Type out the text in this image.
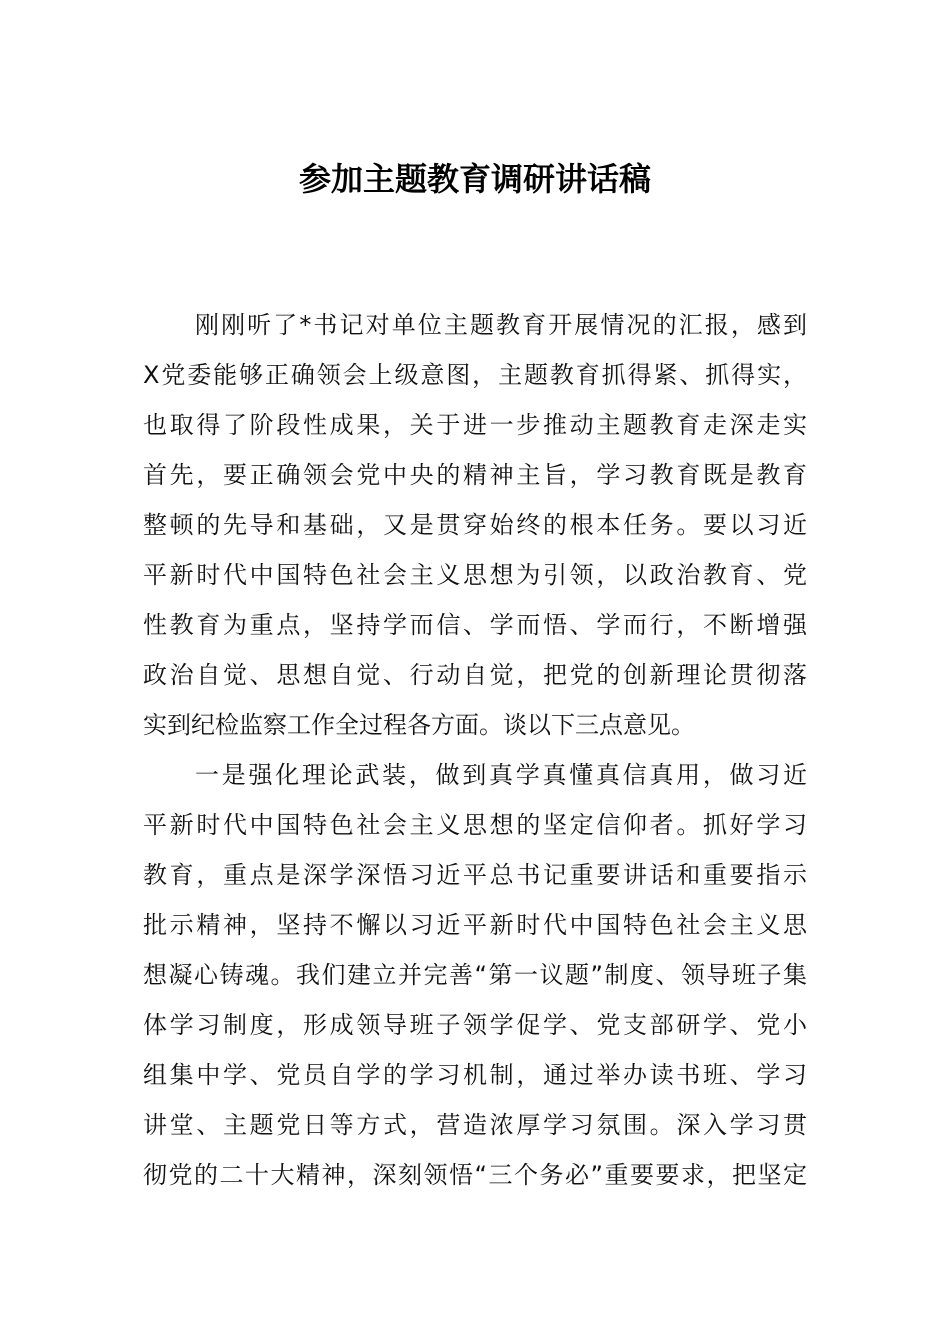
参加主题教育调研讲话稿
刚刚听了*书记对单位主题教育开展情况的汇报，感到
X党委能够正确领会上级意图，主题教育抓得紧、抓得实，
也取得了阶段性成果，关于进一步推动主题教育走深走实
首先，要正确领会党中央的精神主旨，学习教育既是教育
整顿的先导和基础，又是贯穿始终的根本任务。要以习近
平新时代中国特色社会主义思想为引领，以政治教育、党
性教育为重点，坚持学而信、学而悟、学而行，不断增强
政治自觉、思想自觉、行动自觉，把党的创新理论贯彻落
实到纪检监察工作全过程各方面。谈以下三点意见。
一是强化理论武装，做到真学真懂真信真用，做习近
平新时代中国特色社会主义思想的坚定信仰者。抓好学习
教育，重点是深学深悟习近平总书记重要讲话和重要指示
批示精神，坚持不懈以习近平新时代中国特色社会主义思
想凝心铸魂。我们建立并完善“第一议题”制度、领导班子集
体学习制度，形成领导班子领学促学、党支部研学、党小
组集中学、党员自学的学习机制，通过举办读书班、学习
讲堂、主题党日等方式，营造浓厚学习氛围。深入学习贯
彻党的二十大精神，深刻领悟“三个务必”重要要求，把坚定
